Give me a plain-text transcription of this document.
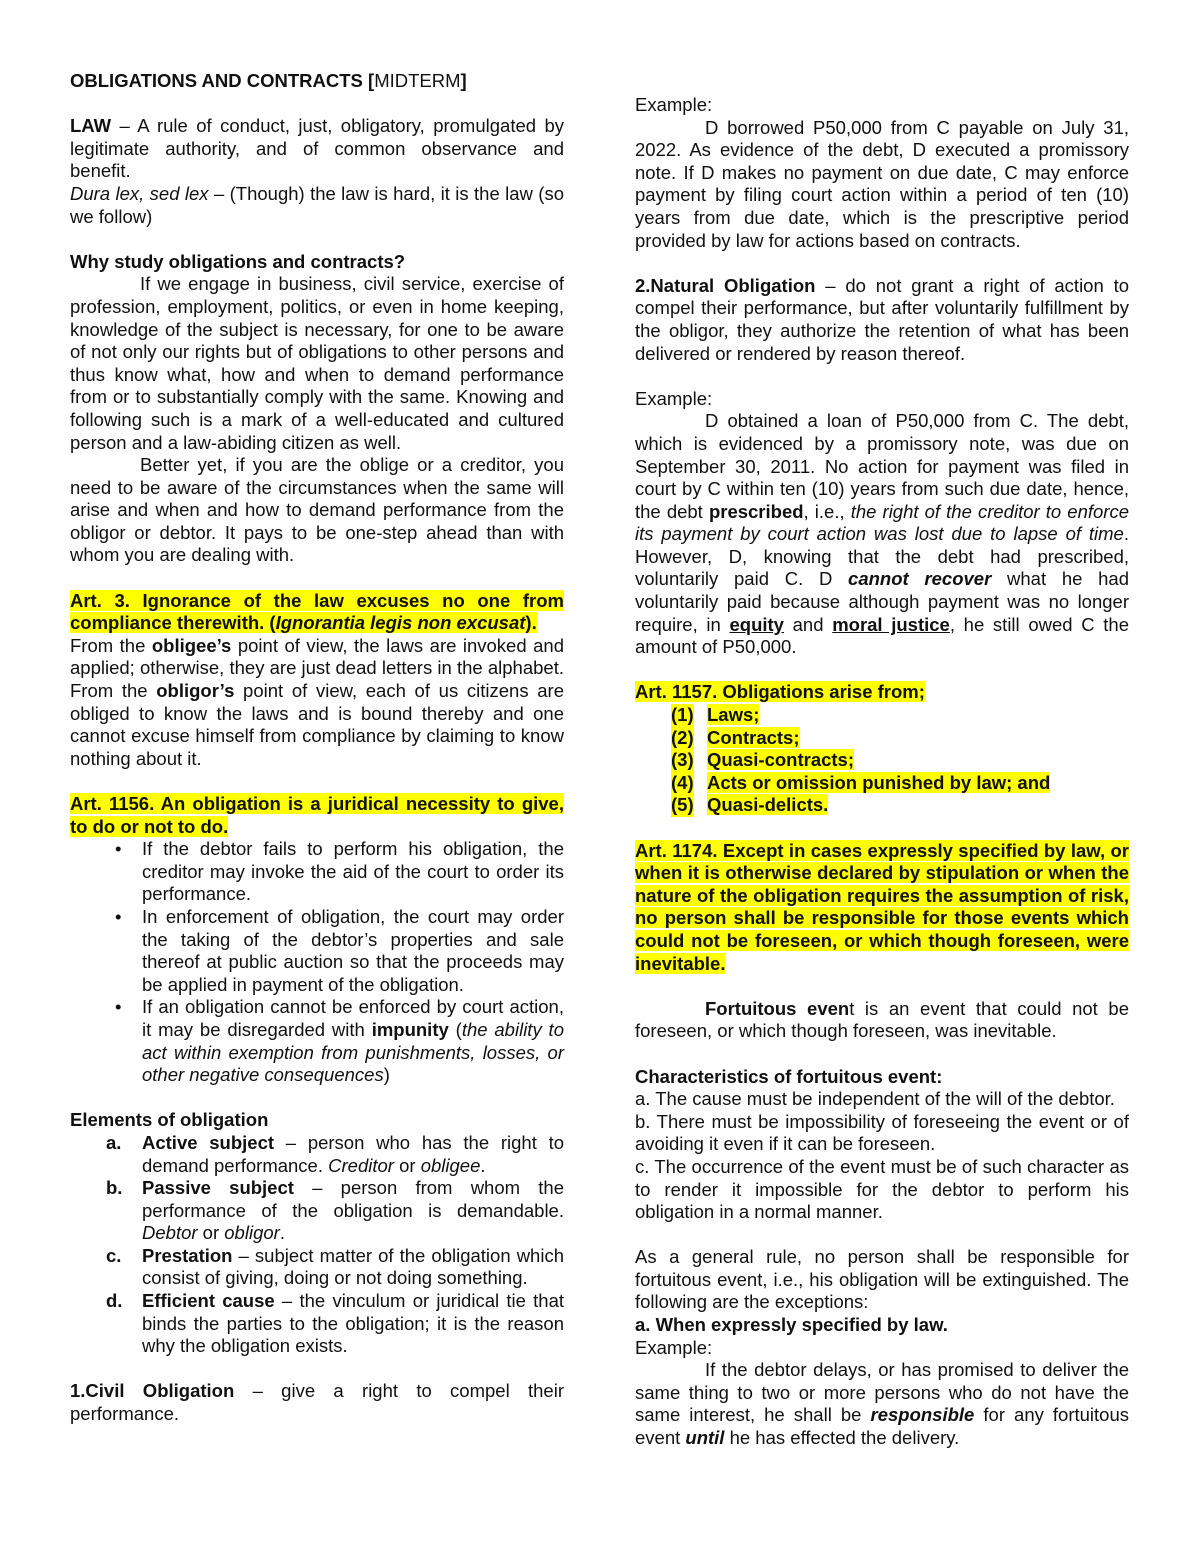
OBLIGATIONS AND CONTRACTS [MIDTERM]

LAW – A rule of conduct, just, obligatory, promulgated by legitimate authority, and of common observance and benefit.

Dura lex, sed lex – (Though) the law is hard, it is the law (so we follow)

Why study obligations and contracts?

If we engage in business, civil service, exercise of profession, employment, politics, or even in home keeping, knowledge of the subject is necessary, for one to be aware of not only our rights but of obligations to other persons and thus know what, how and when to demand performance from or to substantially comply with the same. Knowing and following such is a mark of a well-educated and cultured person and a law-abiding citizen as well.

Better yet, if you are the oblige or a creditor, you need to be aware of the circumstances when the same will arise and when and how to demand performance from the obligor or debtor. It pays to be one-step ahead than with whom you are dealing with.

Art. 3. Ignorance of the law excuses no one from compliance therewith. (Ignorantia legis non excusat).

From the obligee’s point of view, the laws are invoked and applied; otherwise, they are just dead letters in the alphabet. From the obligor’s point of view, each of us citizens are obliged to know the laws and is bound thereby and one cannot excuse himself from compliance by claiming to know nothing about it.

Art. 1156. An obligation is a juridical necessity to give, to do or not to do.

• If the debtor fails to perform his obligation, the creditor may invoke the aid of the court to order its performance.
• In enforcement of obligation, the court may order the taking of the debtor’s properties and sale thereof at public auction so that the proceeds may be applied in payment of the obligation.
• If an obligation cannot be enforced by court action, it may be disregarded with impunity (the ability to act within exemption from punishments, losses, or other negative consequences)

Elements of obligation

a. Active subject – person who has the right to demand performance. Creditor or obligee.
b. Passive subject – person from whom the performance of the obligation is demandable. Debtor or obligor.
c. Prestation – subject matter of the obligation which consist of giving, doing or not doing something.
d. Efficient cause – the vinculum or juridical tie that binds the parties to the obligation; it is the reason why the obligation exists.

1.Civil Obligation – give a right to compel their performance.

Example:

D borrowed P50,000 from C payable on July 31, 2022. As evidence of the debt, D executed a promissory note. If D makes no payment on due date, C may enforce payment by filing court action within a period of ten (10) years from due date, which is the prescriptive period provided by law for actions based on contracts.

2.Natural Obligation – do not grant a right of action to compel their performance, but after voluntarily fulfillment by the obligor, they authorize the retention of what has been delivered or rendered by reason thereof.

Example:

D obtained a loan of P50,000 from C. The debt, which is evidenced by a promissory note, was due on September 30, 2011. No action for payment was filed in court by C within ten (10) years from such due date, hence, the debt prescribed, i.e., the right of the creditor to enforce its payment by court action was lost due to lapse of time. However, D, knowing that the debt had prescribed, voluntarily paid C. D cannot recover what he had voluntarily paid because although payment was no longer require, in equity and moral justice, he still owed C the amount of P50,000.

Art. 1157. Obligations arise from;

(1) Laws;
(2) Contracts;
(3) Quasi-contracts;
(4) Acts or omission punished by law; and
(5) Quasi-delicts.

Art. 1174. Except in cases expressly specified by law, or when it is otherwise declared by stipulation or when the nature of the obligation requires the assumption of risk, no person shall be responsible for those events which could not be foreseen, or which though foreseen, were inevitable.

Fortuitous event is an event that could not be foreseen, or which though foreseen, was inevitable.

Characteristics of fortuitous event:

a. The cause must be independent of the will of the debtor.

b. There must be impossibility of foreseeing the event or of avoiding it even if it can be foreseen.

c. The occurrence of the event must be of such character as to render it impossible for the debtor to perform his obligation in a normal manner.

As a general rule, no person shall be responsible for fortuitous event, i.e., his obligation will be extinguished. The following are the exceptions:

a. When expressly specified by law.

Example:

If the debtor delays, or has promised to deliver the same thing to two or more persons who do not have the same interest, he shall be responsible for any fortuitous event until he has effected the delivery.
